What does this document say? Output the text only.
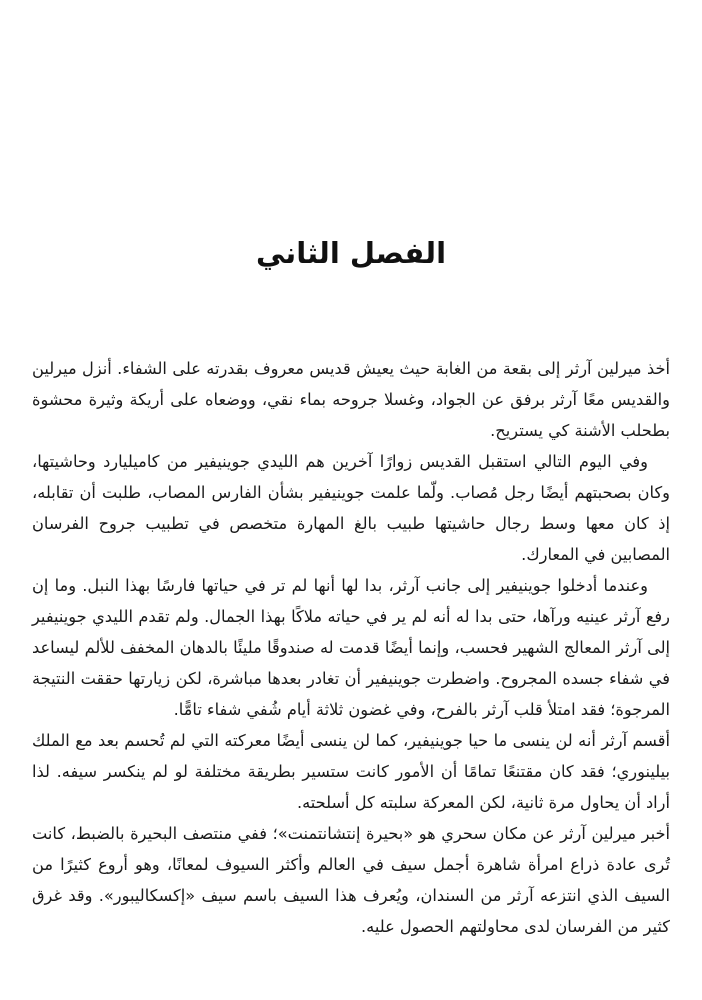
الفصل الثاني

أخذ ميرلين آرثر إلى بقعة من الغابة حيث يعيش قديس معروف بقدرته على الشفاء. أنزل ميرلين والقديس معًا آرثر برفق عن الجواد، وغسلا جروحه بماء نقي، ووضعاه على أريكة وثيرة محشوة بطحلب الأشنة كي يستريح.

وفي اليوم التالي استقبل القديس زوارًا آخرين هم الليدي جوينيفير من كاميليارد وحاشيتها، وكان بصحبتهم أيضًا رجل مُصاب. ولّما علمت جوينيفير بشأن الفارس المصاب، طلبت أن تقابله، إذ كان معها وسط رجال حاشيتها طبيب بالغ المهارة متخصص في تطبيب جروح الفرسان المصابين في المعارك.

وعندما أدخلوا جوينيفير إلى جانب آرثر، بدا لها أنها لم تر في حياتها فارسًا بهذا النبل. وما إن رفع آرثر عينيه ورآها، حتى بدا له أنه لم ير في حياته ملاكًا بهذا الجمال. ولم تقدم الليدي جوينيفير إلى آرثر المعالج الشهير فحسب، وإنما أيضًا قدمت له صندوقًا مليئًا بالدهان المخفف للألم ليساعد في شفاء جسده المجروح. واضطرت جوينيفير أن تغادر بعدها مباشرة، لكن زيارتها حققت النتيجة المرجوة؛ فقد امتلأ قلب آرثر بالفرح، وفي غضون ثلاثة أيام شُفي شفاء تامًّا.

أقسم آرثر أنه لن ينسى ما حيا جوينيفير، كما لن ينسى أيضًا معركته التي لم تُحسم بعد مع الملك بيلينوري؛ فقد كان مقتنعًا تمامًا أن الأمور كانت ستسير بطريقة مختلفة لو لم ينكسر سيفه. لذا أراد أن يحاول مرة ثانية، لكن المعركة سلبته كل أسلحته.

أخبر ميرلين آرثر عن مكان سحري هو «بحيرة إنتشانتمنت»؛ ففي منتصف البحيرة بالضبط، كانت تُرى عادة ذراع امرأة شاهرة أجمل سيف في العالم وأكثر السيوف لمعانًا، وهو أروع كثيرًا من السيف الذي انتزعه آرثر من السندان، ويُعرف هذا السيف باسم سيف «إكسكاليبور». وقد غرق كثير من الفرسان لدى محاولتهم الحصول عليه.
